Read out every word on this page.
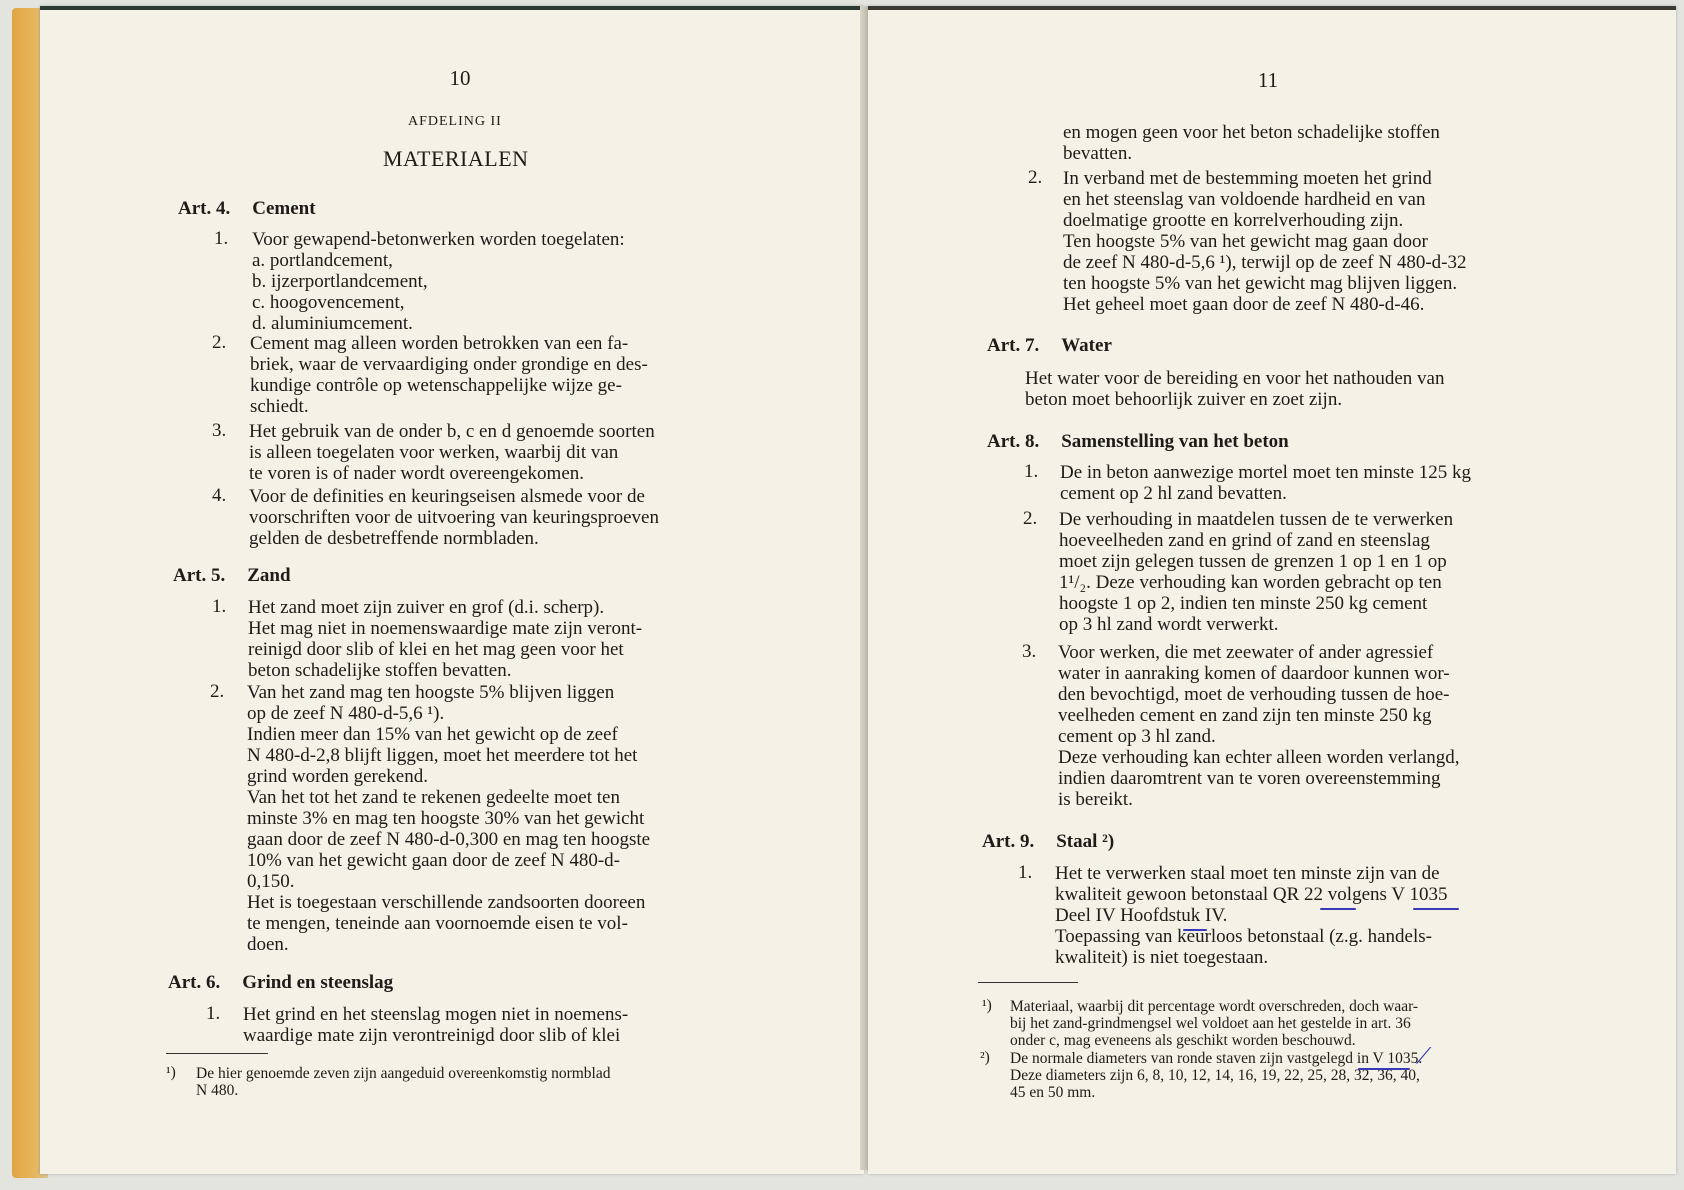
10
AFDELING II
MATERIALEN
Art. 4. Cement
1. Voor gewapend-betonwerken worden toegelaten:
a. portlandcement,
b. ijzerportlandcement,
c. hoogovencement,
d. aluminiumcement.
2. Cement mag alleen worden betrokken van een fa-
briek, waar de vervaardiging onder grondige en des-
kundige contrôle op wetenschappelijke wijze ge-
schiedt.
3. Het gebruik van de onder b, c en d genoemde soorten
is alleen toegelaten voor werken, waarbij dit van
te voren is of nader wordt overeengekomen.
4. Voor de definities en keuringseisen alsmede voor de
voorschriften voor de uitvoering van keuringsproeven
gelden de desbetreffende normbladen.
Art. 5. Zand
1. Het zand moet zijn zuiver en grof (d.i. scherp).
Het mag niet in noemenswaardige mate zijn veront-
reinigd door slib of klei en het mag geen voor het
beton schadelijke stoffen bevatten.
2. Van het zand mag ten hoogste 5% blijven liggen
op de zeef N 480-d-5,6 ¹).
Indien meer dan 15% van het gewicht op de zeef
N 480-d-2,8 blijft liggen, moet het meerdere tot het
grind worden gerekend.
Van het tot het zand te rekenen gedeelte moet ten
minste 3% en mag ten hoogste 30% van het gewicht
gaan door de zeef N 480-d-0,300 en mag ten hoogste
10% van het gewicht gaan door de zeef N 480-d-
0,150.
Het is toegestaan verschillende zandsoorten dooreen
te mengen, teneinde aan voornoemde eisen te vol-
doen.
Art. 6. Grind en steenslag
1. Het grind en het steenslag mogen niet in noemens-
waardige mate zijn verontreinigd door slib of klei
¹) De hier genoemde zeven zijn aangeduid overeenkomstig normblad
N 480.
11
en mogen geen voor het beton schadelijke stoffen
bevatten.
2. In verband met de bestemming moeten het grind
en het steenslag van voldoende hardheid en van
doelmatige grootte en korrelverhouding zijn.
Ten hoogste 5% van het gewicht mag gaan door
de zeef N 480-d-5,6 ¹), terwijl op de zeef N 480-d-32
ten hoogste 5% van het gewicht mag blijven liggen.
Het geheel moet gaan door de zeef N 480-d-46.
Art. 7. Water
Het water voor de bereiding en voor het nathouden van
beton moet behoorlijk zuiver en zoet zijn.
Art. 8. Samenstelling van het beton
1. De in beton aanwezige mortel moet ten minste 125 kg
cement op 2 hl zand bevatten.
2. De verhouding in maatdelen tussen de te verwerken
hoeveelheden zand en grind of zand en steenslag
moet zijn gelegen tussen de grenzen 1 op 1 en 1 op
1¹/₂. Deze verhouding kan worden gebracht op ten
hoogste 1 op 2, indien ten minste 250 kg cement
op 3 hl zand wordt verwerkt.
3. Voor werken, die met zeewater of ander agressief
water in aanraking komen of daardoor kunnen wor-
den bevochtigd, moet de verhouding tussen de hoe-
veelheden cement en zand zijn ten minste 250 kg
cement op 3 hl zand.
Deze verhouding kan echter alleen worden verlangd,
indien daaromtrent van te voren overeenstemming
is bereikt.
Art. 9. Staal ²)
1. Het te verwerken staal moet ten minste zijn van de
kwaliteit gewoon betonstaal QR 22 volgens V 1035
Deel IV Hoofdstuk IV.
Toepassing van keurloos betonstaal (z.g. handels-
kwaliteit) is niet toegestaan.
¹) Materiaal, waarbij dit percentage wordt overschreden, doch waar-
bij het zand-grindmengsel wel voldoet aan het gestelde in art. 36
onder c, mag eveneens als geschikt worden beschouwd.
²) De normale diameters van ronde staven zijn vastgelegd in V 1035.
Deze diameters zijn 6, 8, 10, 12, 14, 16, 19, 22, 25, 28, 32, 36, 40,
45 en 50 mm.
⟋
